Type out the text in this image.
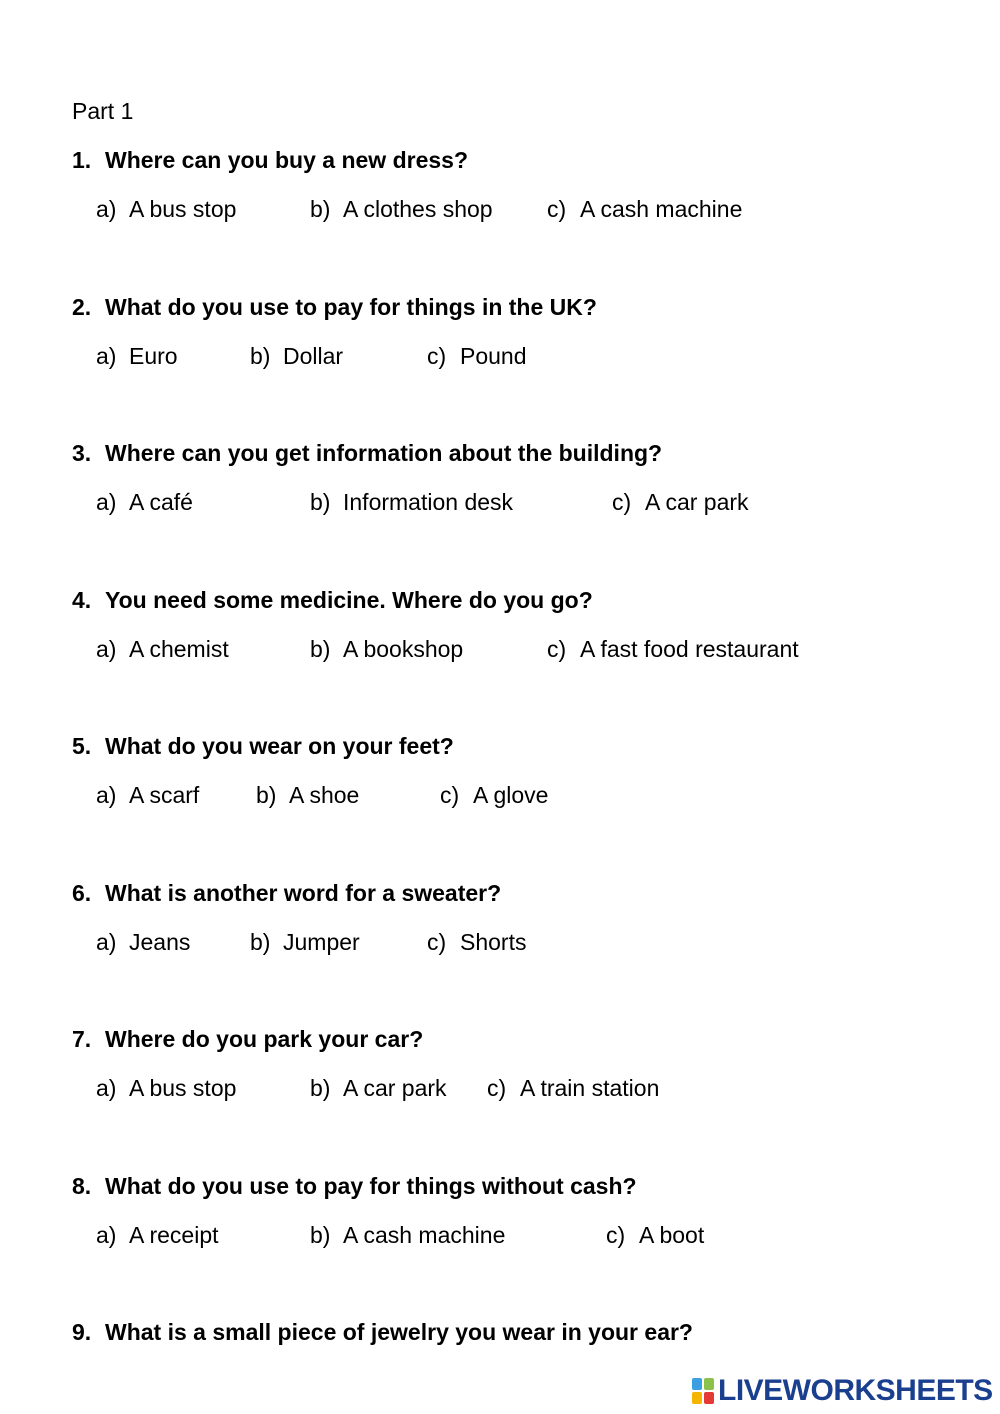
Part 1
1. Where can you buy a new dress?
a) A bus stop	b) A clothes shop c) A cash machine
2. What do you use to pay for things in the UK?
a) Euro	b) Dollar	c) Pound
3. Where can you get information about the building?
a) A café	b) Information desk	c) A car park
4. You need some medicine. Where do you go?
a) A chemist	b) A bookshop	c) A fast food restaurant
5. What do you wear on your feet?
a) A scarf b) A shoe	c) A glove
6. What is another word for a sweater?
a) Jeans	b) Jumper	c) Shorts
7. Where do you park your car?
a) A bus stop	b) A car park c) A train station
8. What do you use to pay for things without cash?
a) A receipt	b) A cash machine	c) A boot
9. What is a small piece of jewelry you wear in your ear?
LIVEWORKSHEETS
